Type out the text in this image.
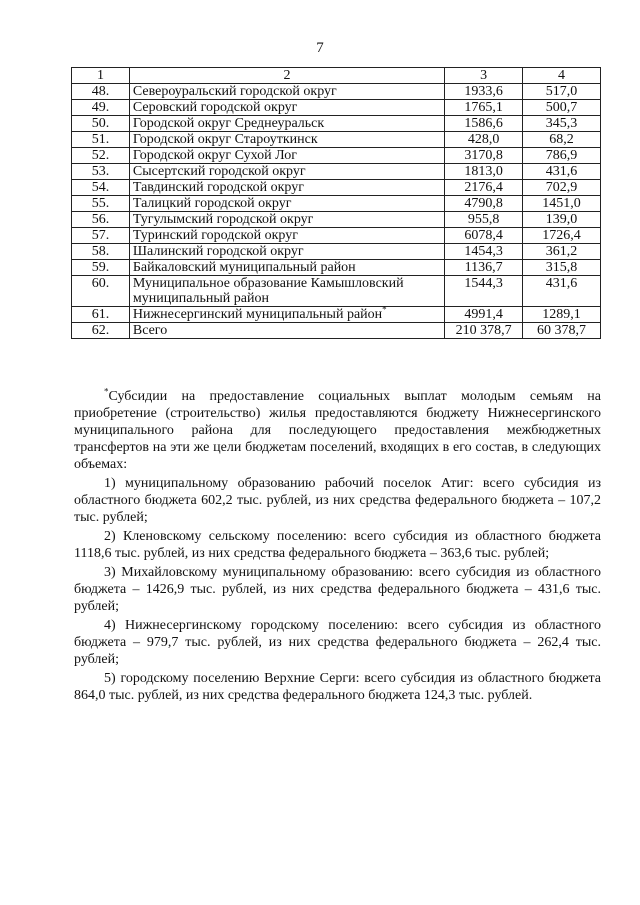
7
1	2	3	4
48.	Североуральский городской округ	1933,6	517,0
49.	Серовский городской округ	1765,1	500,7
50.	Городской округ Среднеуральск	1586,6	345,3
51.	Городской округ Староуткинск	428,0	68,2
52.	Городской округ Сухой Лог	3170,8	786,9
53.	Сысертский городской округ	1813,0	431,6
54.	Тавдинский городской округ	2176,4	702,9
55.	Талицкий городской округ	4790,8	1451,0
56.	Тугулымский городской округ	955,8	139,0
57.	Туринский городской округ	6078,4	1726,4
58.	Шалинский городской округ	1454,3	361,2
59.	Байкаловский муниципальный район	1136,7	315,8
60.	Муниципальное образование Камышловский муниципальный район	1544,3	431,6
61.	Нижнесергинский муниципальный район*	4991,4	1289,1
62.	Всего	210 378,7	60 378,7

*Субсидии на предоставление социальных выплат молодым семьям на приобретение (строительство) жилья предоставляются бюджету Нижнесергинского муниципального района для последующего предоставления межбюджетных трансфертов на эти же цели бюджетам поселений, входящих в его состав, в следующих объемах:

1) муниципальному образованию рабочий поселок Атиг: всего субсидия из областного бюджета 602,2 тыс. рублей, из них средства федерального бюджета – 107,2 тыс. рублей;

2) Кленовскому сельскому поселению: всего субсидия из областного бюджета 1118,6 тыс. рублей, из них средства федерального бюджета – 363,6 тыс. рублей;

3) Михайловскому муниципальному образованию: всего субсидия из областного бюджета – 1426,9 тыс. рублей, из них средства федерального бюджета – 431,6 тыс. рублей;

4) Нижнесергинскому городскому поселению: всего субсидия из областного бюджета – 979,7 тыс. рублей, из них средства федерального бюджета – 262,4 тыс. рублей;

5) городскому поселению Верхние Серги: всего субсидия из областного бюджета 864,0 тыс. рублей, из них средства федерального бюджета 124,3 тыс. рублей.
